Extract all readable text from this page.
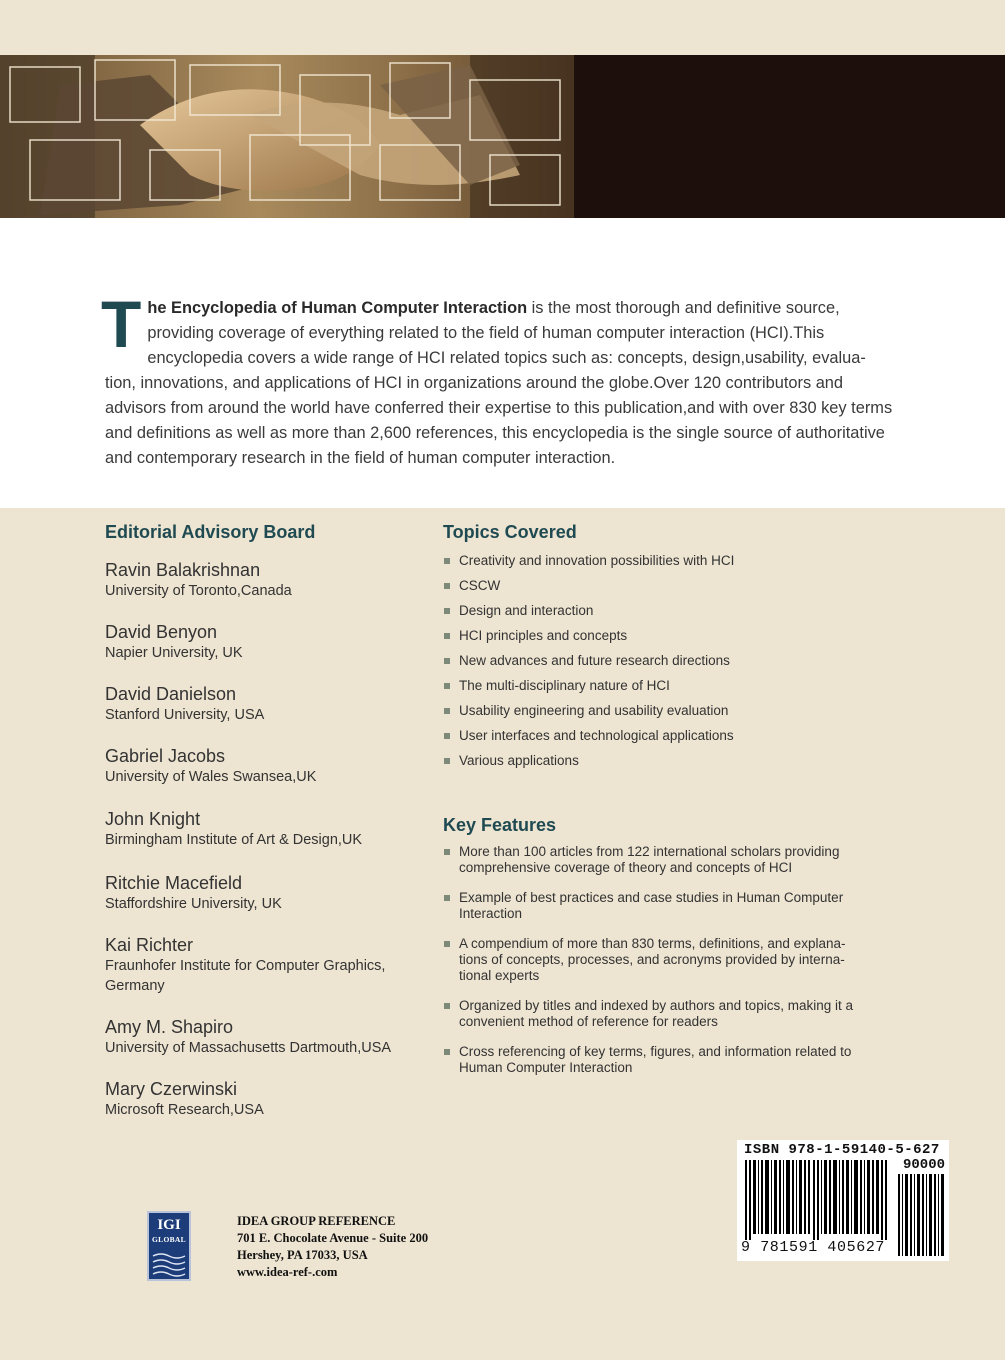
The Encyclopedia of Human Computer Interaction is the most thorough and definitive source, providing coverage of everything related to the field of human computer interaction (HCI).This encyclopedia covers a wide range of HCI related topics such as: concepts, design,usability, evalua-tion, innovations, and applications of HCI in organizations around the globe.Over 120 contributors and advisors from around the world have conferred their expertise to this publication,and with over 830 key terms and definitions as well as more than 2,600 references, this encyclopedia is the single source of authoritative and contemporary research in the field of human computer interaction.
Editorial Advisory Board
Ravin Balakrishnan
University of Toronto,Canada
David Benyon
Napier University, UK
David Danielson
Stanford University, USA
Gabriel Jacobs
University of Wales Swansea,UK
John Knight
Birmingham Institute of Art & Design,UK
Ritchie Macefield
Staffordshire University, UK
Kai Richter
Fraunhofer Institute for Computer Graphics, Germany
Amy M. Shapiro
University of Massachusetts Dartmouth,USA
Mary Czerwinski
Microsoft Research,USA
Topics Covered
Creativity and innovation possibilities with HCI
CSCW
Design and interaction
HCI principles and concepts
New advances and future research directions
The multi-disciplinary nature of HCI
Usability engineering and usability evaluation
User interfaces and technological applications
Various applications
Key Features
More than 100 articles from 122 international scholars providing comprehensive coverage of theory and concepts of HCI
Example of best practices and case studies in Human Computer Interaction
A compendium of more than 830 terms, definitions, and explana-tions of concepts, processes, and acronyms provided by interna-tional experts
Organized by titles and indexed by authors and topics, making it a convenient method of reference for readers
Cross referencing of key terms, figures, and information related to Human Computer Interaction
ISBN 978-1-59140-5-627
90000
9 781591 405627
IGI
GLOBAL
IDEA GROUP REFERENCE
701 E. Chocolate Avenue - Suite 200
Hershey, PA 17033, USA
www.idea-ref-.com
